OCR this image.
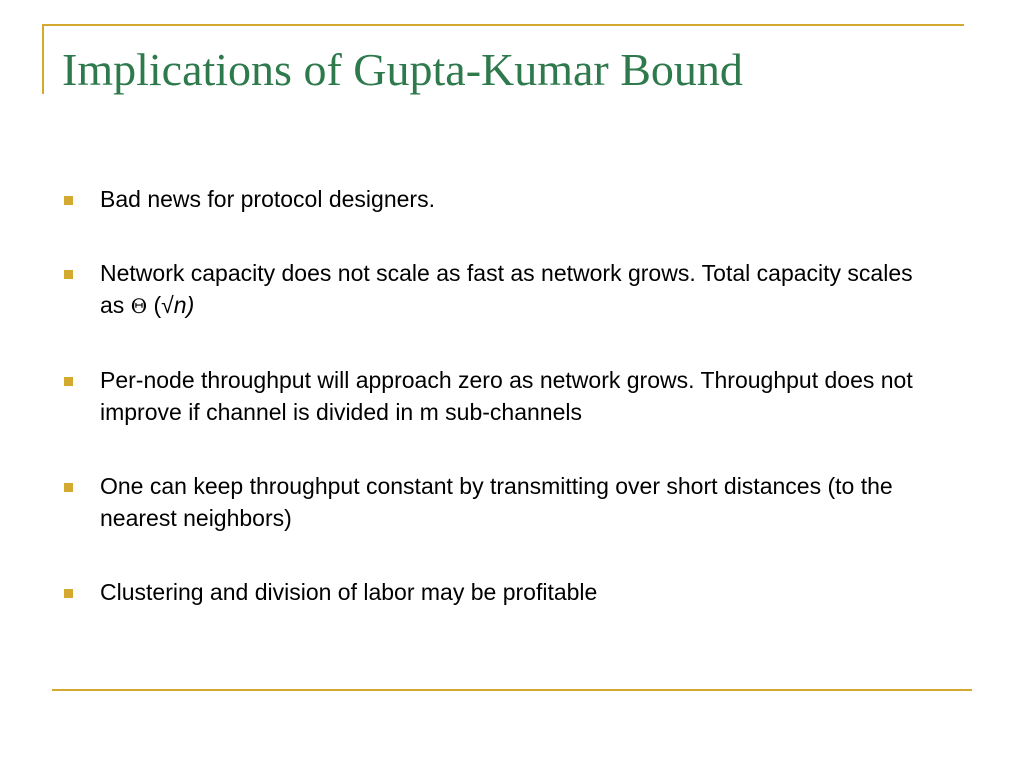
Implications of Gupta-Kumar Bound
Bad news for protocol designers.
Network capacity does not scale as fast as network grows. Total capacity scales as Θ (√n)
Per-node throughput will approach zero as network grows. Throughput does not improve if channel is divided in m sub-channels
One can keep throughput constant by transmitting over short distances (to the nearest neighbors)
Clustering and division of labor may be profitable
